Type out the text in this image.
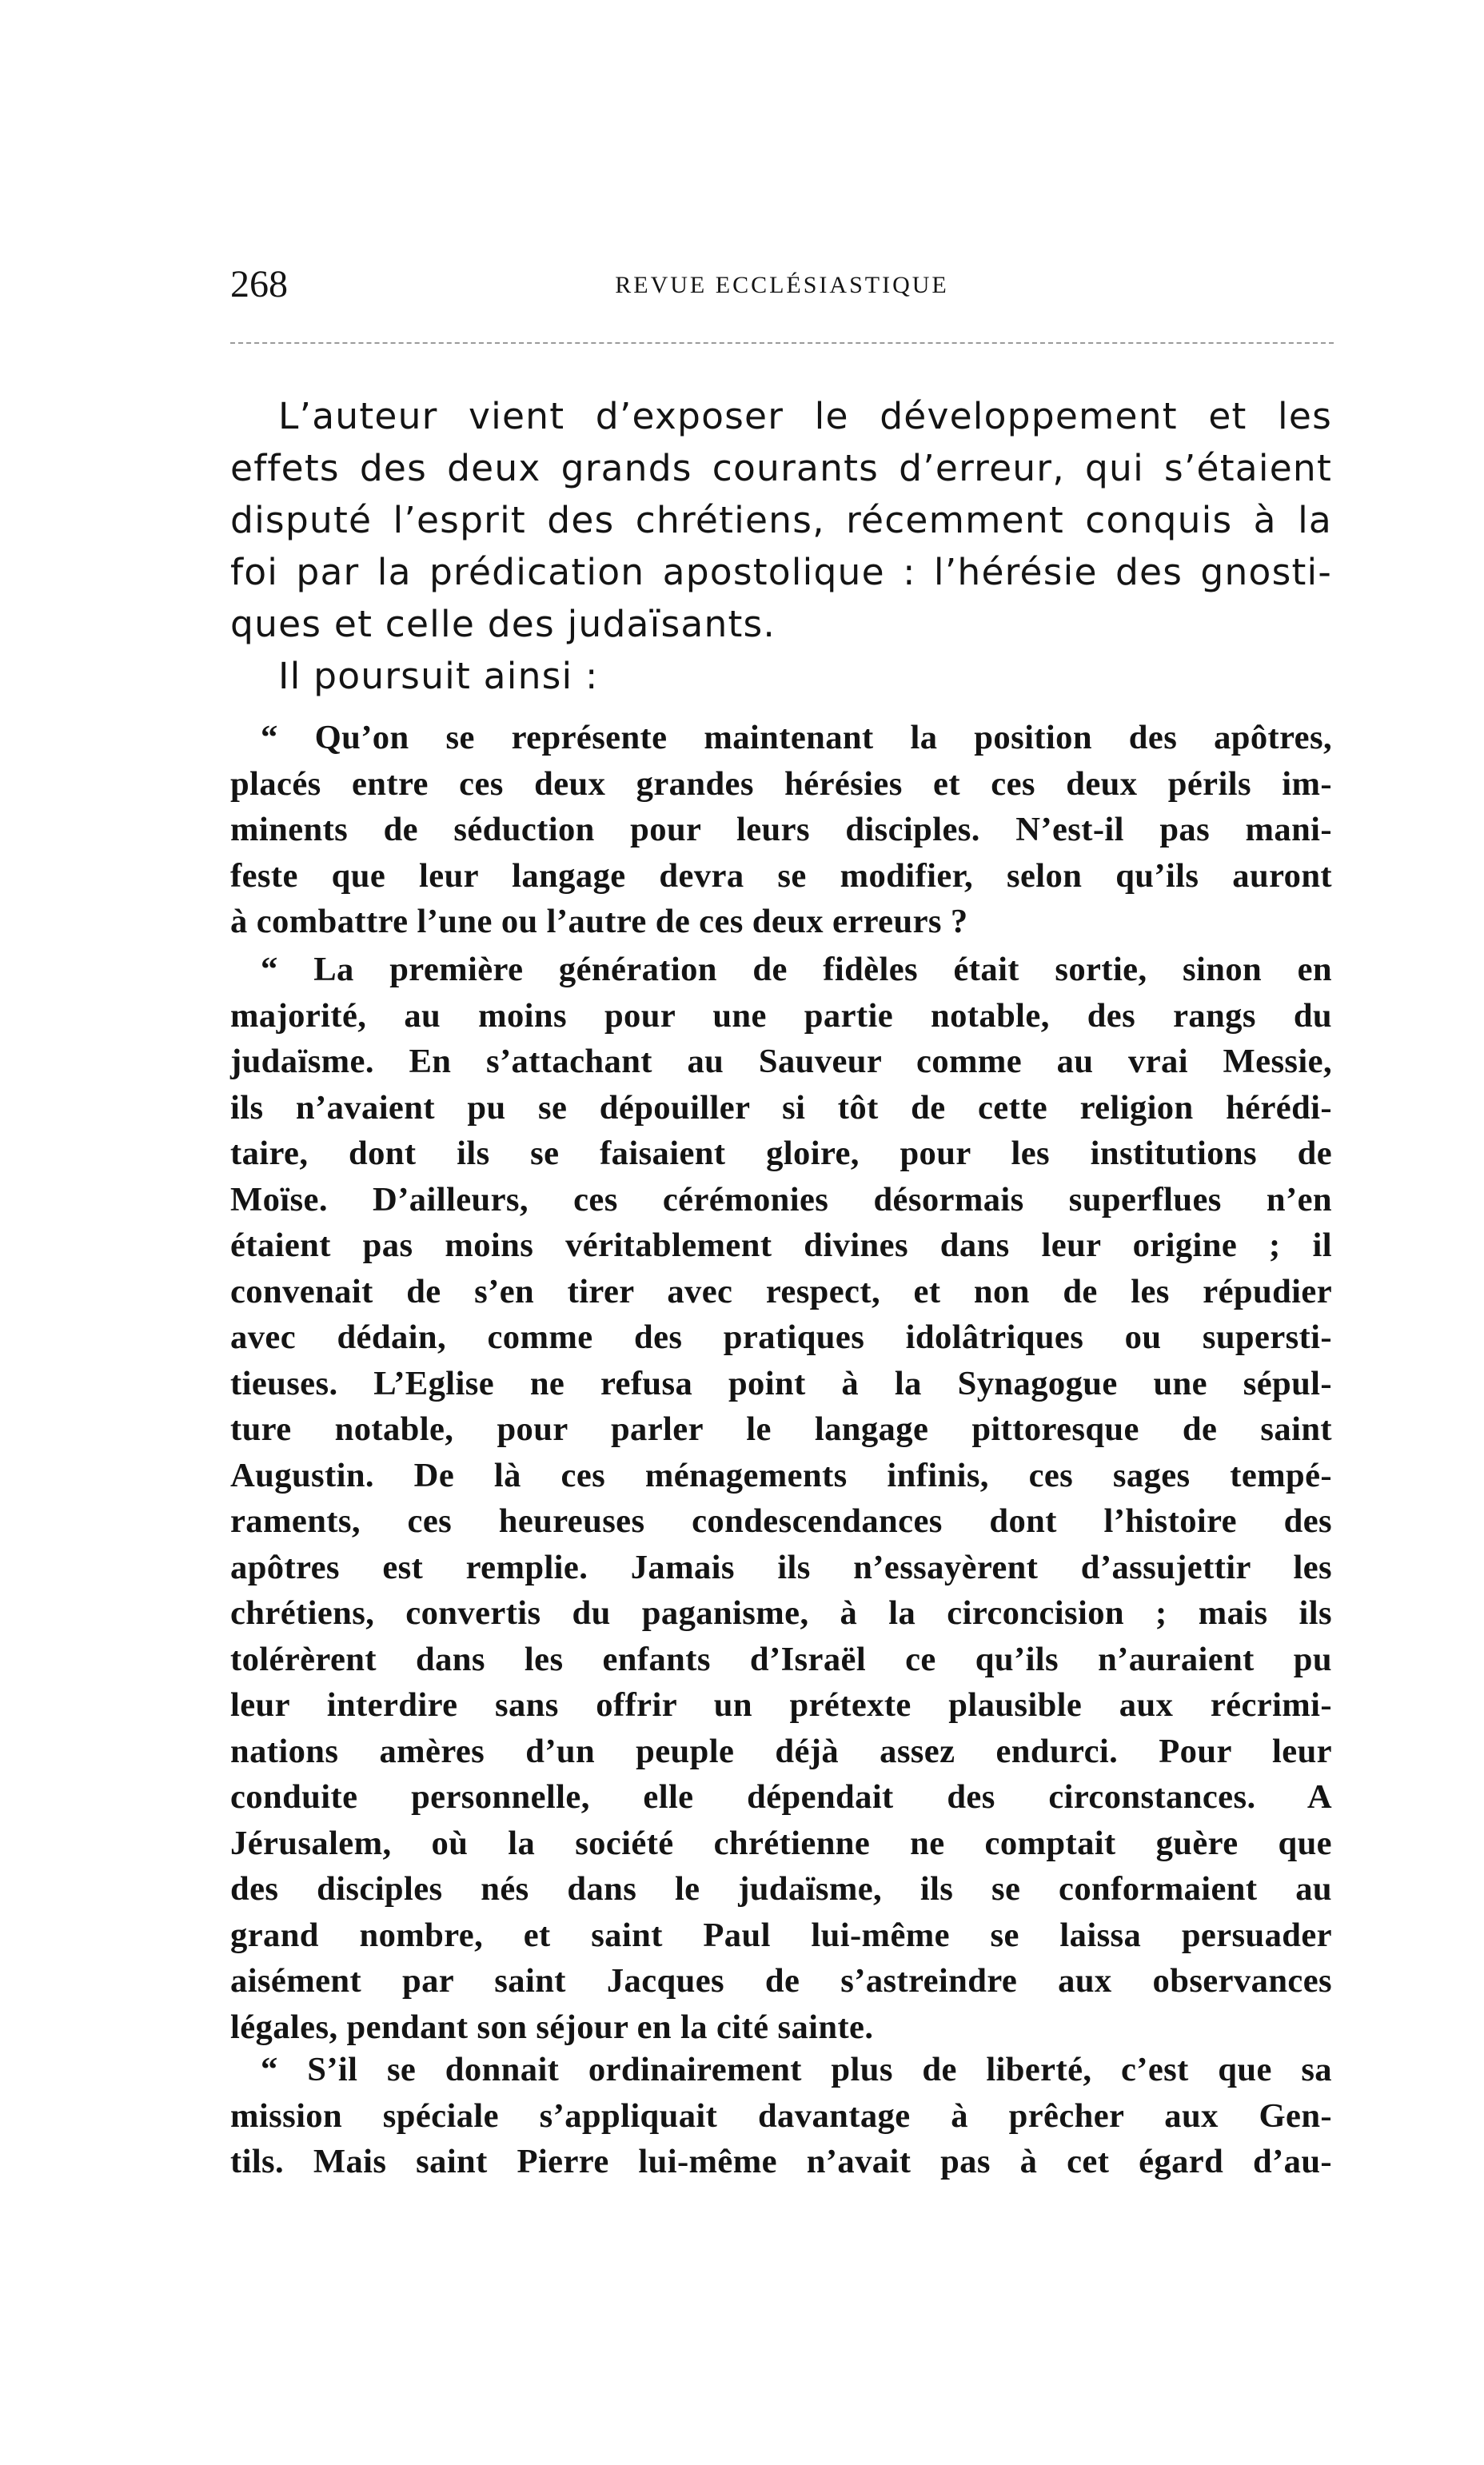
268	REVUE ECCLÉSIASTIQUE
L’auteur vient d’exposer le développement et les
effets des deux grands courants d’erreur, qui s’étaient
disputé l’esprit des chrétiens, récemment conquis à la
foi par la prédication apostolique : l’hérésie des gnosti-
ques et celle des judaïsants.
Il poursuit ainsi :
“ Qu’on se représente maintenant la position des apôtres,
placés entre ces deux grandes hérésies et ces deux périls im-
minents de séduction pour leurs disciples. N’est-il pas mani-
feste que leur langage devra se modifier, selon qu’ils auront
à combattre l’une ou l’autre de ces deux erreurs ?
“ La première génération de fidèles était sortie, sinon en
majorité, au moins pour une partie notable, des rangs du
judaïsme. En s’attachant au Sauveur comme au vrai Messie,
ils n’avaient pu se dépouiller si tôt de cette religion hérédi-
taire, dont ils se faisaient gloire, pour les institutions de
Moïse. D’ailleurs, ces cérémonies désormais superflues n’en
étaient pas moins véritablement divines dans leur origine ; il
convenait de s’en tirer avec respect, et non de les répudier
avec dédain, comme des pratiques idolâtriques ou supersti-
tieuses. L’Eglise ne refusa point à la Synagogue une sépul-
ture notable, pour parler le langage pittoresque de saint
Augustin. De là ces ménagements infinis, ces sages tempé-
raments, ces heureuses condescendances dont l’histoire des
apôtres est remplie. Jamais ils n’essayèrent d’assujettir les
chrétiens, convertis du paganisme, à la circoncision ; mais ils
tolérèrent dans les enfants d’Israël ce qu’ils n’auraient pu
leur interdire sans offrir un prétexte plausible aux récrimi-
nations amères d’un peuple déjà assez endurci. Pour leur
conduite personnelle, elle dépendait des circonstances. A
Jérusalem, où la société chrétienne ne comptait guère que
des disciples nés dans le judaïsme, ils se conformaient au
grand nombre, et saint Paul lui-même se laissa persuader
aisément par saint Jacques de s’astreindre aux observances
légales, pendant son séjour en la cité sainte.
“ S’il se donnait ordinairement plus de liberté, c’est que sa
mission spéciale s’appliquait davantage à prêcher aux Gen-
tils. Mais saint Pierre lui-même n’avait pas à cet égard d’au-
